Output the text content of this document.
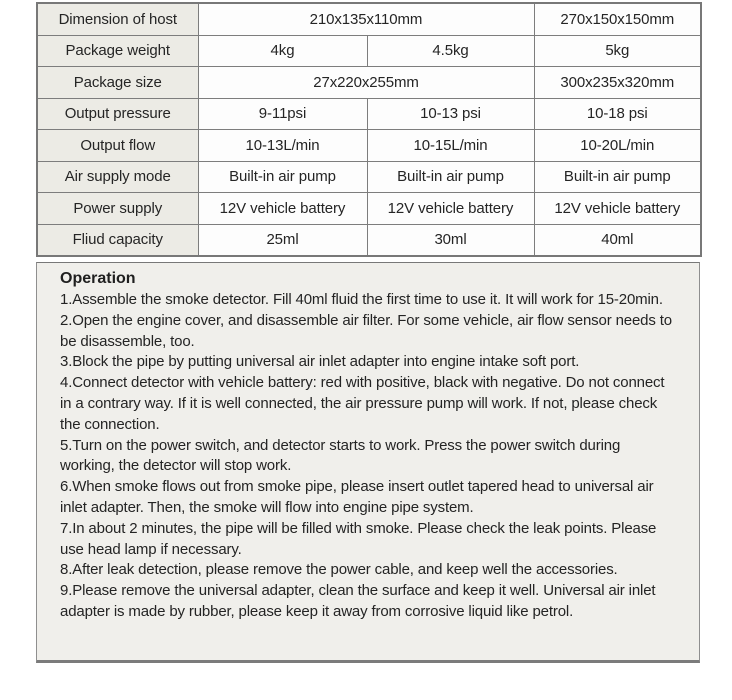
Dimension of host	210x135x110mm		270x150x150mm
Package weight	4kg	4.5kg	5kg
Package size	27x220x255mm		300x235x320mm
Output pressure	9-11psi	10-13 psi	10-18 psi
Output flow	10-13L/min	10-15L/min	10-20L/min
Air supply mode	Built-in air pump	Built-in air pump	Built-in air pump
Power supply	12V vehicle battery	12V vehicle battery	12V vehicle battery
Fliud capacity	25ml	30ml	40ml
Operation
1.Assemble the smoke detector. Fill 40ml fluid the first time to use it. It will work for 15-20min.
2.Open the engine cover, and disassemble air filter. For some vehicle, air flow sensor needs to be disassemble, too.
3.Block the pipe by putting universal air inlet adapter into engine intake soft port.
4.Connect detector with vehicle battery: red with positive, black with negative. Do not connect in a contrary way. If it is well connected, the air pressure pump will work. If not, please check the connection.
5.Turn on the power switch, and detector starts to work. Press the power switch during working, the detector will stop work.
6.When smoke flows out from smoke pipe, please insert outlet tapered head to universal air inlet adapter. Then, the smoke will flow into engine pipe system.
7.In about 2 minutes, the pipe will be filled with smoke. Please check the leak points. Please use head lamp if necessary.
8.After leak detection, please remove the power cable, and keep well the accessories.
9.Please remove the universal adapter, clean the surface and keep it well. Universal air inlet adapter is made by rubber, please keep it away from corrosive liquid like petrol.
